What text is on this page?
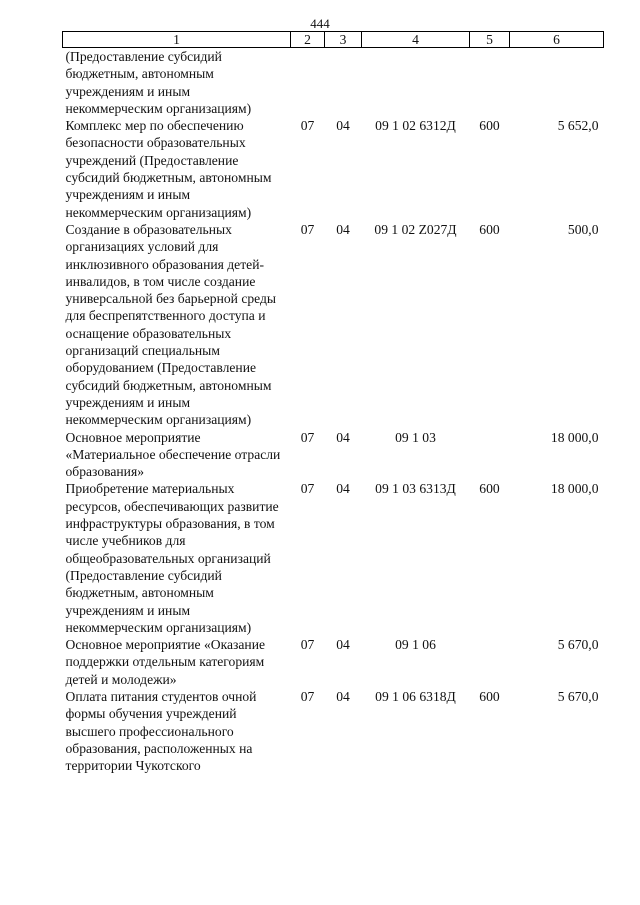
444
1	2	3	4	5	6
(Предоставление субсидий бюджетным, автономным учреждениям и иным некоммерческим организациям)					
Комплекс мер по обеспечению безопасности образовательных учреждений (Предоставление субсидий бюджетным, автономным учреждениям и иным некоммерческим организациям)	07	04	09 1 02 6312Д	600	5 652,0
Создание в образовательных организациях условий для инклюзивного образования детей-инвалидов, в том числе создание универсальной без барьерной среды для беспрепятственного доступа и оснащение образовательных организаций специальным оборудованием (Предоставление субсидий бюджетным, автономным учреждениям и иным некоммерческим организациям)	07	04	09 1 02 Z027Д	600	500,0
Основное мероприятие «Материальное обеспечение отрасли образования»	07	04	09 1 03		18 000,0
Приобретение материальных ресурсов, обеспечивающих развитие инфраструктуры образования, в том числе учебников для общеобразовательных организаций (Предоставление субсидий бюджетным, автономным учреждениям и иным некоммерческим организациям)	07	04	09 1 03 6313Д	600	18 000,0
Основное мероприятие «Оказание поддержки отдельным категориям детей и молодежи»	07	04	09 1 06		5 670,0
Оплата питания студентов очной формы обучения учреждений высшего профессионального образования, расположенных на территории Чукотского	07	04	09 1 06 6318Д	600	5 670,0
